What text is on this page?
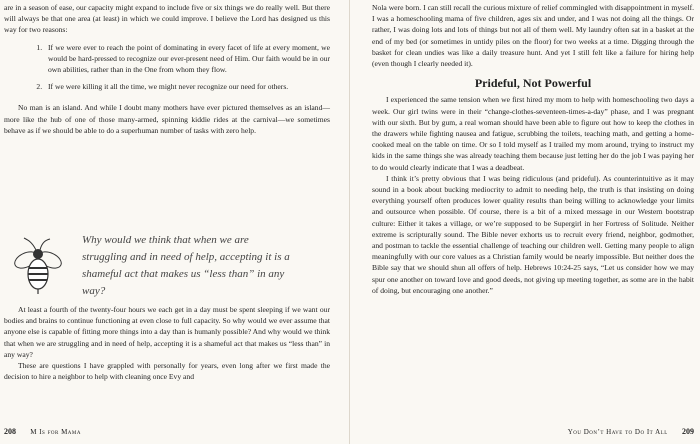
are in a season of ease, our capacity might expand to include five or six things we do really well. But there will always be that one area (at least) in which we could improve. I believe the Lord has designed us this way for two reasons:

1. If we were ever to reach the point of dominating in every facet of life at every moment, we would be hard-pressed to recognize our ever-present need of Him. Our faith would be in our own abilities, rather than in the One from whom they flow.
2. If we were killing it all the time, we might never recognize our need for others.

No man is an island. And while I doubt many mothers have ever pictured themselves as an island—more like the hub of one of those many-armed, spinning kiddie rides at the carnival—we sometimes behave as if we should be able to do a superhuman number of tasks with zero help.

Why would we think that when we are struggling and in need of help, accepting it is a shameful act that makes us “less than” in any way?

At least a fourth of the twenty-four hours we each get in a day must be spent sleeping if we want our bodies and brains to continue functioning at even close to full capacity. So why would we ever assume that anyone else is capable of fitting more things into a day than is humanly possible? And why would we think that when we are struggling and in need of help, accepting it is a shameful act that makes us “less than” in any way?

These are questions I have grappled with personally for years, even long after we first made the decision to hire a neighbor to help with cleaning once Evy and

208 M Is for Mama

Nola were born. I can still recall the curious mixture of relief commingled with disappointment in myself. I was a homeschooling mama of five children, ages six and under, and I was not doing all the things. Or rather, I was doing lots and lots of things but not all of them well. My laundry often sat in a basket at the end of my bed (or sometimes in untidy piles on the floor) for two weeks at a time. Digging through the basket for clean undies was like a daily treasure hunt. And yet I still felt like a failure for hiring help (even though I clearly needed it).

Prideful, Not Powerful

I experienced the same tension when we first hired my mom to help with homeschooling two days a week. Our girl twins were in their “change-clothes-seventeen-times-a-day” phase, and I was pregnant with our sixth. But by gum, a real woman should have been able to figure out how to keep the clothes in the drawers while fighting nausea and fatigue, scrubbing the toilets, teaching math, and getting a home-cooked meal on the table on time. Or so I told myself as I trailed my mom around, trying to instruct my kids in the same things she was already teaching them because just letting her do the job I was paying her to do would clearly indicate that I was a deadbeat.

I think it’s pretty obvious that I was being ridiculous (and prideful). As counterintuitive as it may sound in a book about bucking mediocrity to admit to needing help, the truth is that insisting on doing everything yourself often produces lower quality results than being willing to acknowledge your limits and outsource when possible. Of course, there is a bit of a mixed message in our Western bootstrap culture: Either it takes a village, or we’re supposed to be Supergirl in her Fortress of Solitude. Neither extreme is scripturally sound. The Bible never exhorts us to recruit every friend, neighbor, godmother, and postman to tackle the essential challenge of teaching our children well. Getting many people to align meaningfully with our core values as a Christian family would be nearly impossible. But neither does the Bible say that we should shun all offers of help. Hebrews 10:24-25 says, “Let us consider how we may spur one another on toward love and good deeds, not giving up meeting together, as some are in the habit of doing, but encouraging one another.”

You Don’t Have to Do It All 209
